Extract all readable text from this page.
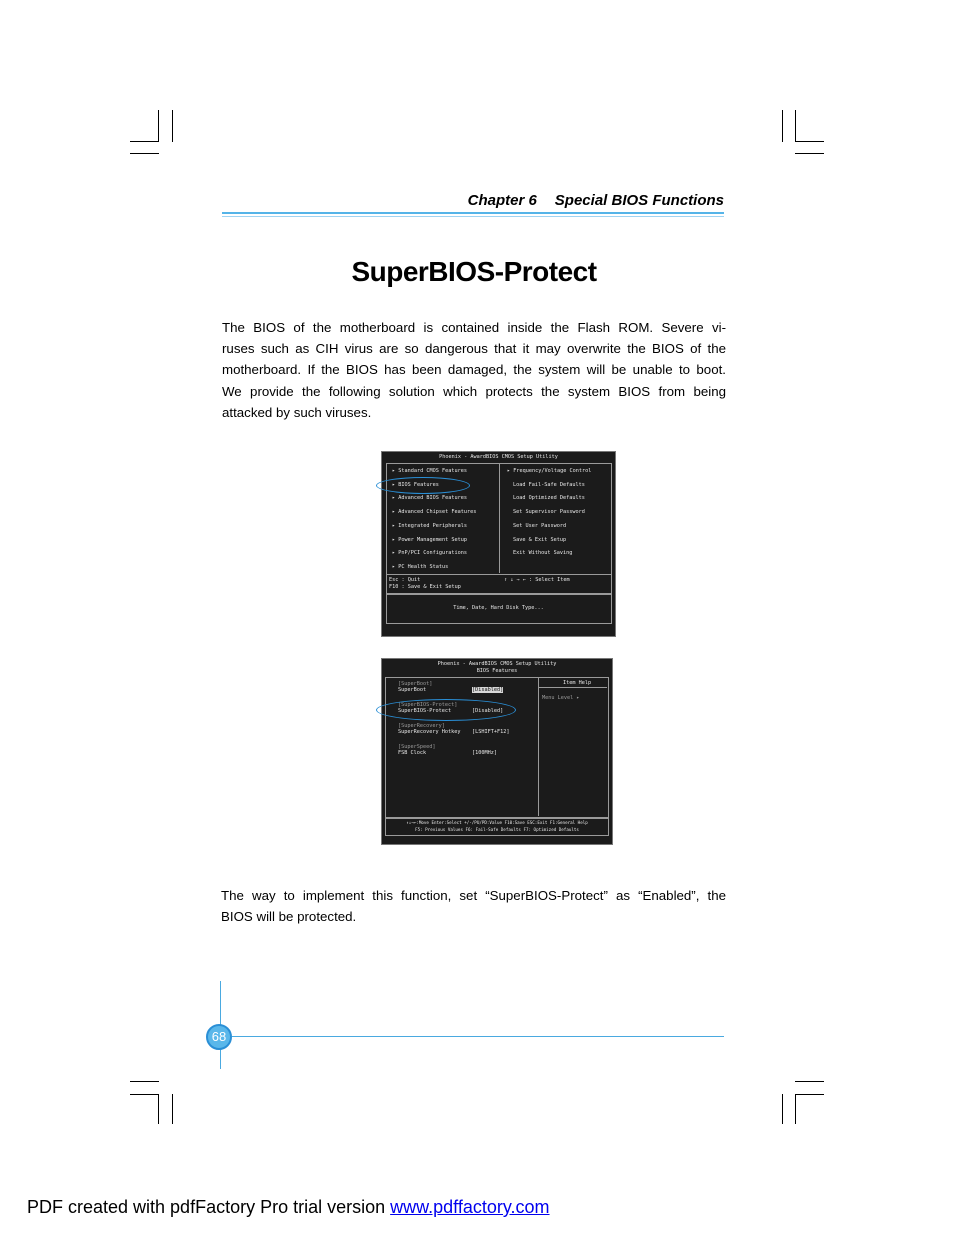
Chapter 6 Special BIOS Functions
SuperBIOS-Protect
The BIOS of the motherboard is contained inside the Flash ROM. Severe vi-
ruses such as CIH virus are so dangerous that it may overwrite the BIOS of the
motherboard. If the BIOS has been damaged, the system will be unable to boot.
We provide the following solution which protects the system BIOS from being
attacked by such viruses.
Phoenix - AwardBIOS CMOS Setup Utility
▸ Standard CMOS Features
▸ BIOS Features
▸ Advanced BIOS Features
▸ Advanced Chipset Features
▸ Integrated Peripherals
▸ Power Management Setup
▸ PnP/PCI Configurations
▸ PC Health Status
▸ Frequency/Voltage Control
Load Fail-Safe Defaults
Load Optimized Defaults
Set Supervisor Password
Set User Password
Save & Exit Setup
Exit Without Saving
Esc : Quit
F10 : Save & Exit Setup
↑ ↓ → ← : Select Item
Time, Date, Hard Disk Type...
Phoenix - AwardBIOS CMOS Setup Utility
BIOS Features
Item Help
Menu Level ▸
[SuperBoot]
SuperBoot	[Disabled]
[SuperBIOS-Protect]
SuperBIOS-Protect	[Disabled]
[SuperRecovery]
SuperRecovery Hotkey [LSHIFT+F12]
[SuperSpeed]
FSB Clock	[100MHz]
↑↓→←:Move Enter:Select +/-/PU/PD:Value F10:Save ESC:Exit F1:General Help
F5: Previous Values F6: Fail-Safe Defaults F7: Optimized Defaults
The way to implement this function, set “SuperBIOS-Protect” as “Enabled”, the
BIOS will be protected.
68
PDF created with pdfFactory Pro trial version www.pdffactory.com
